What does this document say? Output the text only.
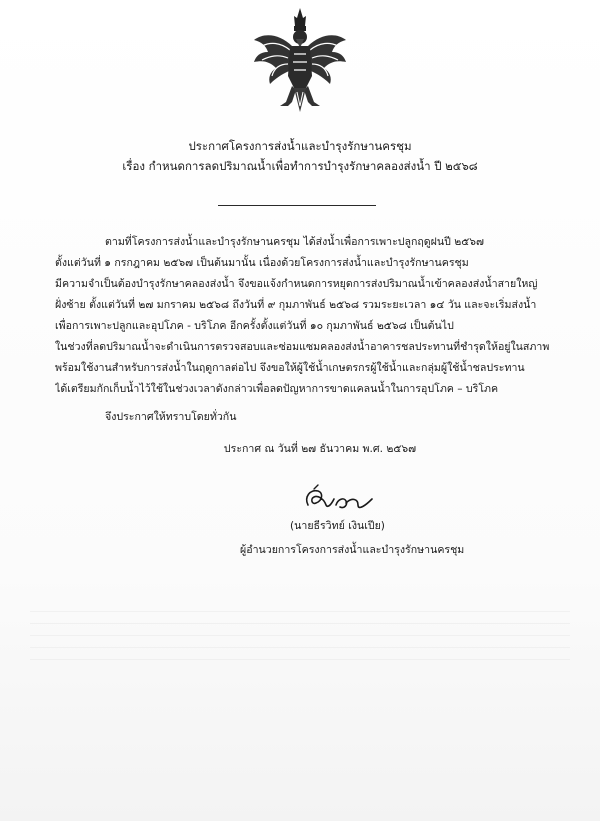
ประกาศโครงการส่งน้ำและบำรุงรักษานครชุม
เรื่อง กำหนดการลดปริมาณน้ำเพื่อทำการบำรุงรักษาคลองส่งน้ำ ปี ๒๕๖๘
ตามที่โครงการส่งน้ำและบำรุงรักษานครชุม ได้ส่งน้ำเพื่อการเพาะปลูกฤดูฝนปี ๒๕๖๗
ตั้งแต่วันที่ ๑ กรกฎาคม ๒๕๖๗ เป็นต้นมานั้น เนื่องด้วยโครงการส่งน้ำและบำรุงรักษานครชุม
มีความจำเป็นต้องบำรุงรักษาคลองส่งน้ำ จึงขอแจ้งกำหนดการหยุดการส่งปริมาณน้ำเข้าคลองส่งน้ำสายใหญ่
ฝั่งซ้าย ตั้งแต่วันที่ ๒๗ มกราคม ๒๕๖๘ ถึงวันที่ ๙ กุมภาพันธ์ ๒๕๖๘ รวมระยะเวลา ๑๔ วัน และจะเริ่มส่งน้ำ
เพื่อการเพาะปลูกและอุปโภค - บริโภค อีกครั้งตั้งแต่วันที่ ๑๐ กุมภาพันธ์ ๒๕๖๘ เป็นต้นไป
ในช่วงที่ลดปริมาณน้ำจะดำเนินการตรวจสอบและซ่อมแซมคลองส่งน้ำอาคารชลประทานที่ชำรุดให้อยู่ในสภาพ
พร้อมใช้งานสำหรับการส่งน้ำในฤดูกาลต่อไป จึงขอให้ผู้ใช้น้ำเกษตรกรผู้ใช้น้ำและกลุ่มผู้ใช้น้ำชลประทาน
ได้เตรียมกักเก็บน้ำไว้ใช้ในช่วงเวลาดังกล่าวเพื่อลดปัญหาการขาดแคลนน้ำในการอุปโภค – บริโภค
จึงประกาศให้ทราบโดยทั่วกัน
ประกาศ ณ วันที่ ๒๗ ธันวาคม พ.ศ. ๒๕๖๗
(นายธีรวิทย์ เงินเปีย)
ผู้อำนวยการโครงการส่งน้ำและบำรุงรักษานครชุม
